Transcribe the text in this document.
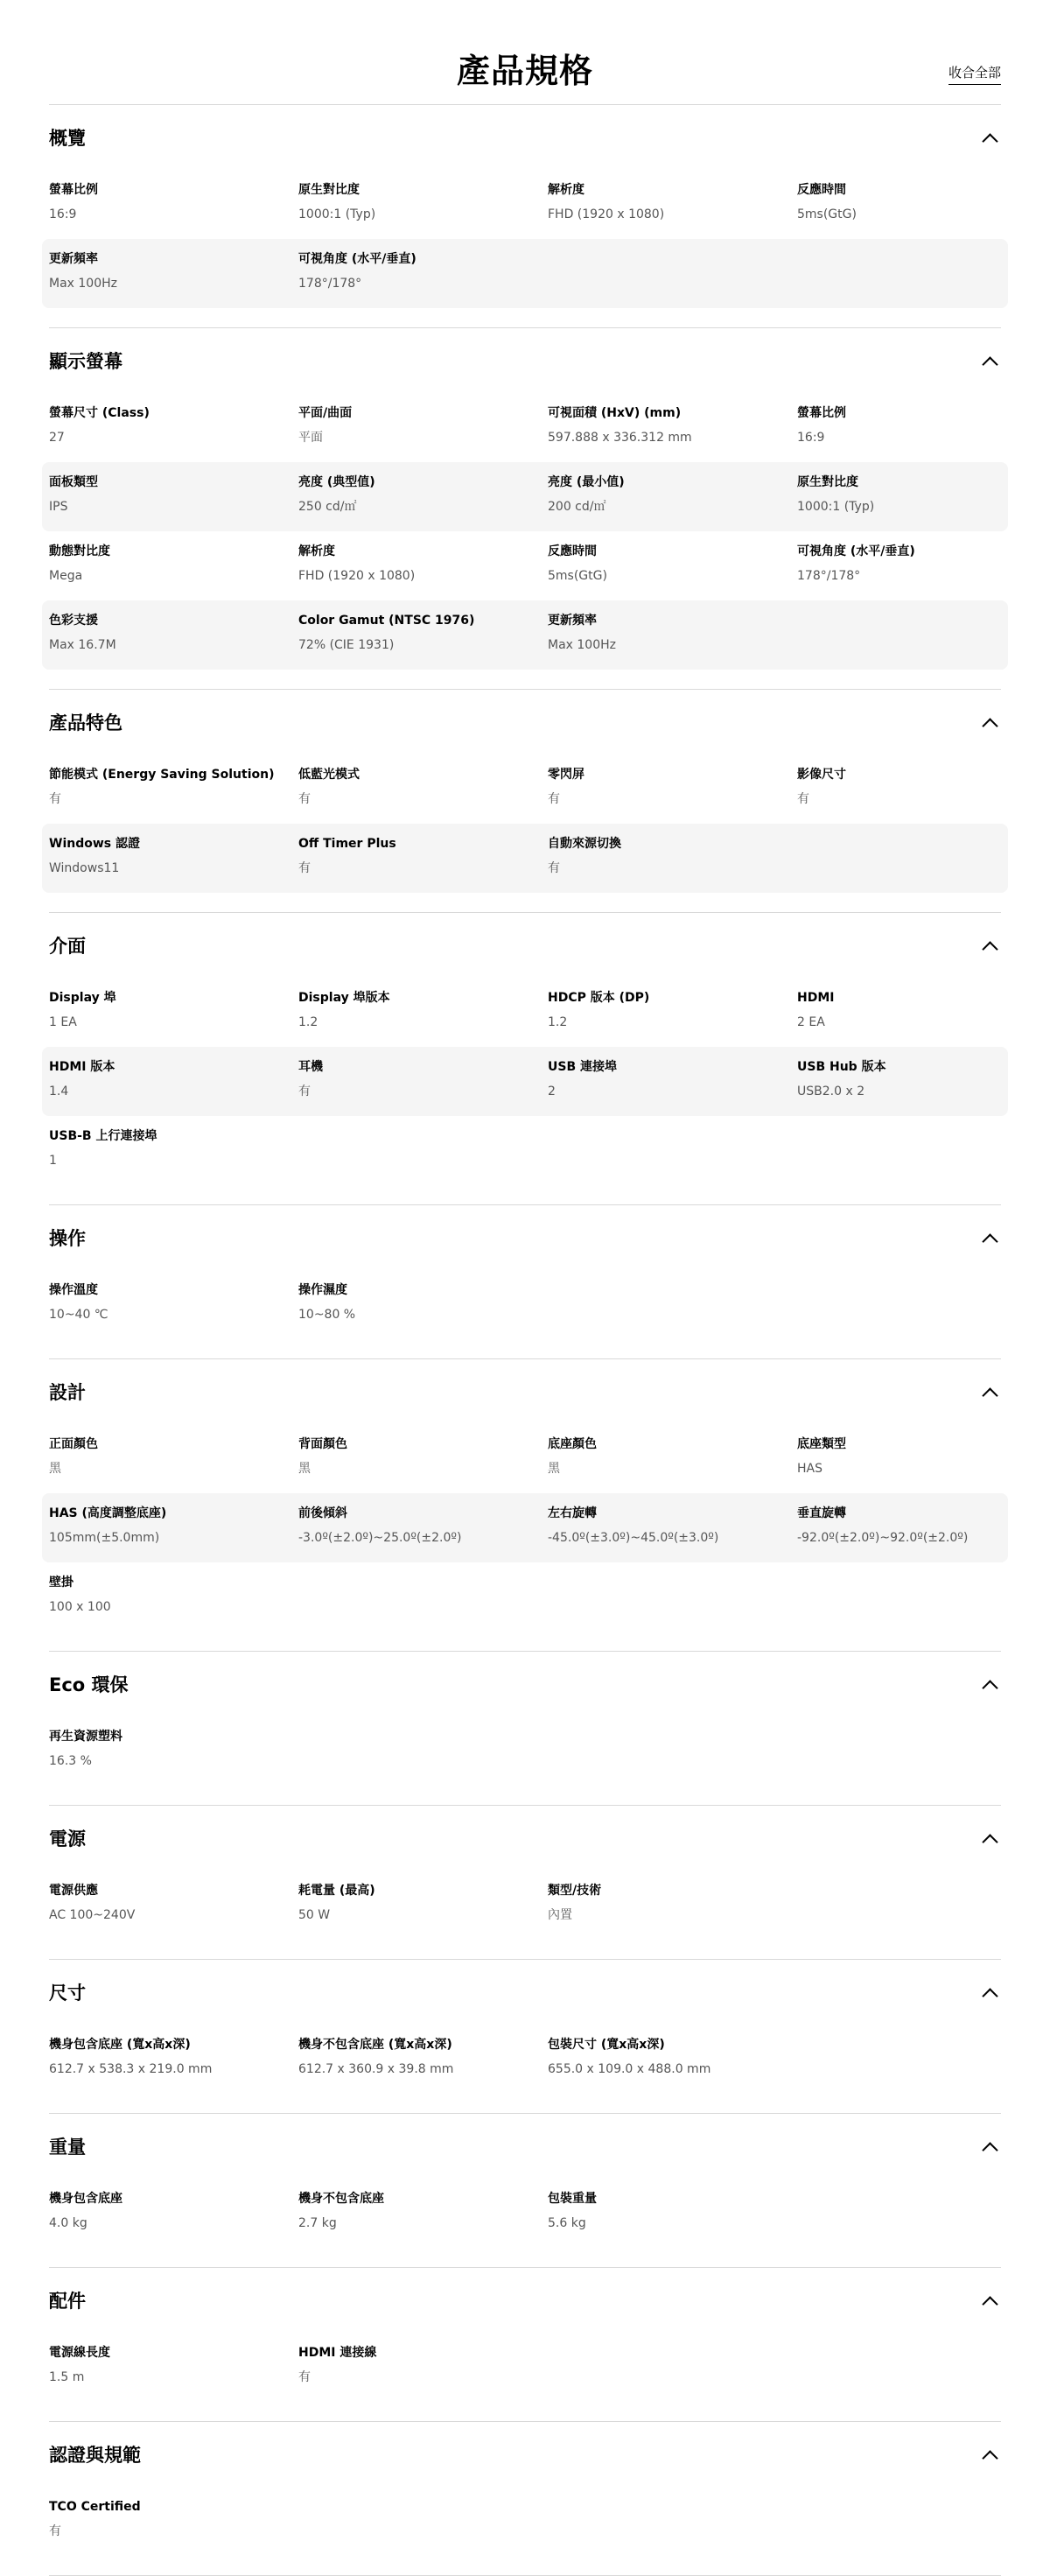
產品規格	收合全部
概覽
螢幕比例
16:9
原生對比度
1000:1 (Typ)
解析度
FHD (1920 x 1080)
反應時間
5ms(GtG)
更新頻率
Max 100Hz
可視角度 (水平/垂直)
178°/178°
顯示螢幕
螢幕尺寸 (Class)
27
平面/曲面
平面
可視面積 (HxV) (mm)
597.888 x 336.312 mm
螢幕比例
16:9
面板類型
IPS
亮度 (典型值)
250 cd/㎡
亮度 (最小值)
200 cd/㎡
原生對比度
1000:1 (Typ)
動態對比度
Mega
解析度
FHD (1920 x 1080)
反應時間
5ms(GtG)
可視角度 (水平/垂直)
178°/178°
色彩支援
Max 16.7M
Color Gamut (NTSC 1976)
72% (CIE 1931)
更新頻率
Max 100Hz
產品特色
節能模式 (Energy Saving Solution)
有
低藍光模式
有
零閃屏
有
影像尺寸
有
Windows 認證
Windows11
Off Timer Plus
有
自動來源切換
有
介面
Display 埠
1 EA
Display 埠版本
1.2
HDCP 版本 (DP)
1.2
HDMI
2 EA
HDMI 版本
1.4
耳機
有
USB 連接埠
2
USB Hub 版本
USB2.0 x 2
USB-B 上行連接埠
1
操作
操作溫度
10~40 ℃
操作濕度
10~80 %
設計
正面顏色
黑
背面顏色
黑
底座顏色
黑
底座類型
HAS
HAS (高度調整底座)
105mm(±5.0mm)
前後傾斜
-3.0º(±2.0º)~25.0º(±2.0º)
左右旋轉
-45.0º(±3.0º)~45.0º(±3.0º)
垂直旋轉
-92.0º(±2.0º)~92.0º(±2.0º)
壁掛
100 x 100
Eco 環保
再生資源塑料
16.3 %
電源
電源供應
AC 100~240V
耗電量 (最高)
50 W
類型/技術
內置
尺寸
機身包含底座 (寬x高x深)
612.7 x 538.3 x 219.0 mm
機身不包含底座 (寬x高x深)
612.7 x 360.9 x 39.8 mm
包裝尺寸 (寬x高x深)
655.0 x 109.0 x 488.0 mm
重量
機身包含底座
4.0 kg
機身不包含底座
2.7 kg
包裝重量
5.6 kg
配件
電源線長度
1.5 m
HDMI 連接線
有
認證與規範
TCO Certified
有
